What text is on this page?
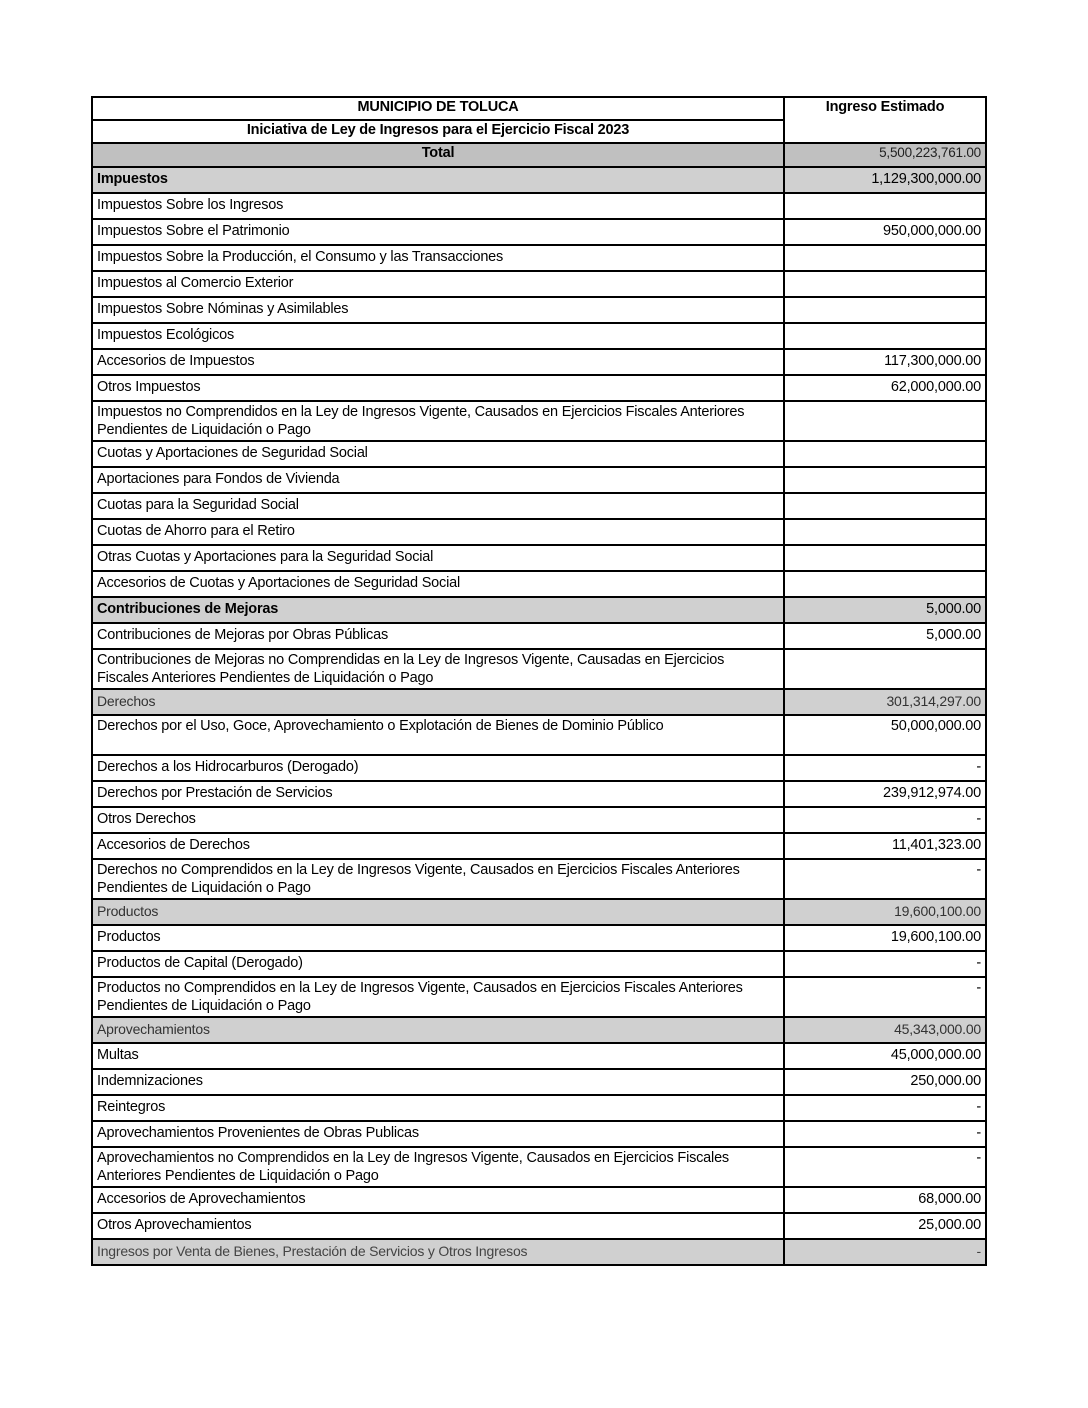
MUNICIPIO DE TOLUCA	Ingreso Estimado
Iniciativa de Ley de Ingresos para el Ejercicio Fiscal 2023	
Total	5,500,223,761.00
Impuestos	1,129,300,000.00
Impuestos Sobre los Ingresos	
Impuestos Sobre el Patrimonio	950,000,000.00
Impuestos Sobre la Producción, el Consumo y las Transacciones	
Impuestos al Comercio Exterior	
Impuestos Sobre Nóminas y Asimilables	
Impuestos Ecológicos	
Accesorios de Impuestos	117,300,000.00
Otros Impuestos	62,000,000.00
Impuestos no Comprendidos en la Ley de Ingresos Vigente, Causados en Ejercicios Fiscales Anteriores Pendientes de Liquidación o Pago	
Cuotas y Aportaciones de Seguridad Social	
Aportaciones para Fondos de Vivienda	
Cuotas para la Seguridad Social	
Cuotas de Ahorro para el Retiro	
Otras Cuotas y Aportaciones para la Seguridad Social	
Accesorios de Cuotas y Aportaciones de Seguridad Social	
Contribuciones de Mejoras	5,000.00
Contribuciones de Mejoras por Obras Públicas	5,000.00
Contribuciones de Mejoras no Comprendidas en la Ley de Ingresos Vigente, Causadas en Ejercicios Fiscales Anteriores Pendientes de Liquidación o Pago	
Derechos	301,314,297.00
Derechos por el Uso, Goce, Aprovechamiento o Explotación de Bienes de Dominio Público	50,000,000.00
Derechos a los Hidrocarburos (Derogado)	-
Derechos por Prestación de Servicios	239,912,974.00
Otros Derechos	-
Accesorios de Derechos	11,401,323.00
Derechos no Comprendidos en la Ley de Ingresos Vigente, Causados en Ejercicios Fiscales Anteriores Pendientes de Liquidación o Pago	-
Productos	19,600,100.00
Productos	19,600,100.00
Productos de Capital (Derogado)	-
Productos no Comprendidos en la Ley de Ingresos Vigente, Causados en Ejercicios Fiscales Anteriores Pendientes de Liquidación o Pago	-
Aprovechamientos	45,343,000.00
Multas	45,000,000.00
Indemnizaciones	250,000.00
Reintegros	-
Aprovechamientos Provenientes de Obras Publicas	-
Aprovechamientos no Comprendidos en la Ley de Ingresos Vigente, Causados en Ejercicios Fiscales Anteriores Pendientes de Liquidación o Pago	-
Accesorios de Aprovechamientos	68,000.00
Otros Aprovechamientos	25,000.00
Ingresos por Venta de Bienes, Prestación de Servicios y Otros Ingresos	-
